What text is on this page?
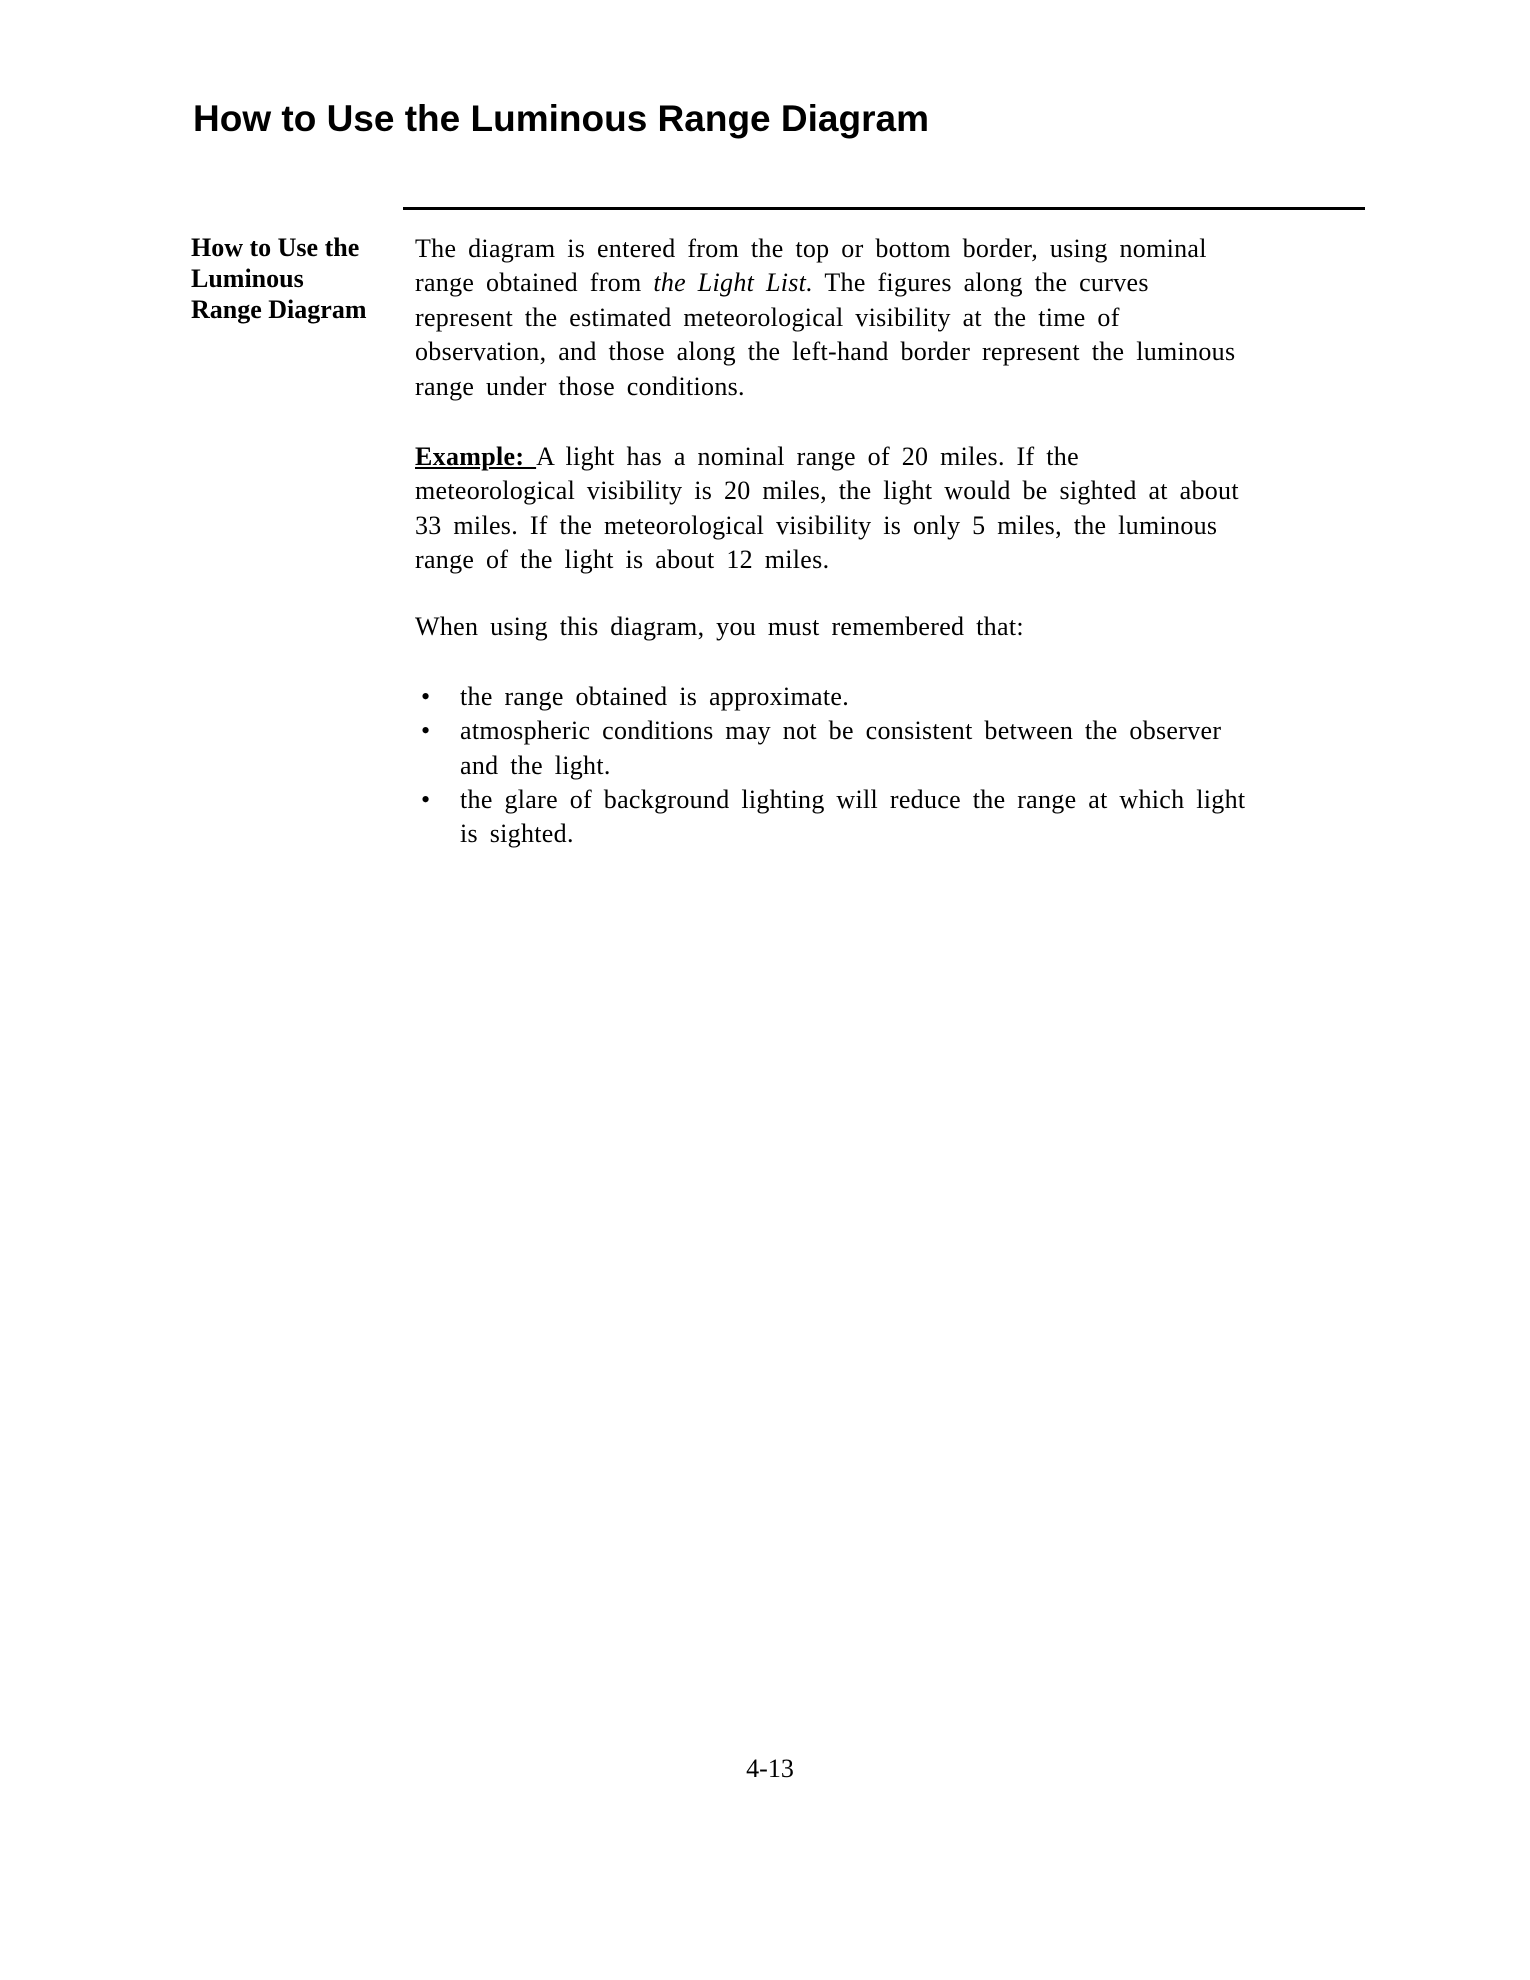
How to Use the Luminous Range Diagram
How to Use the
Luminous
Range Diagram
The diagram is entered from the top or bottom border, using nominal
range obtained from the Light List. The figures along the curves
represent the estimated meteorological visibility at the time of
observation, and those along the left-hand border represent the luminous
range under those conditions.
Example: A light has a nominal range of 20 miles. If the
meteorological visibility is 20 miles, the light would be sighted at about
33 miles. If the meteorological visibility is only 5 miles, the luminous
range of the light is about 12 miles.
When using this diagram, you must remembered that:
• the range obtained is approximate.
• atmospheric conditions may not be consistent between the observer
and the light.
• the glare of background lighting will reduce the range at which light
is sighted.
4-13
